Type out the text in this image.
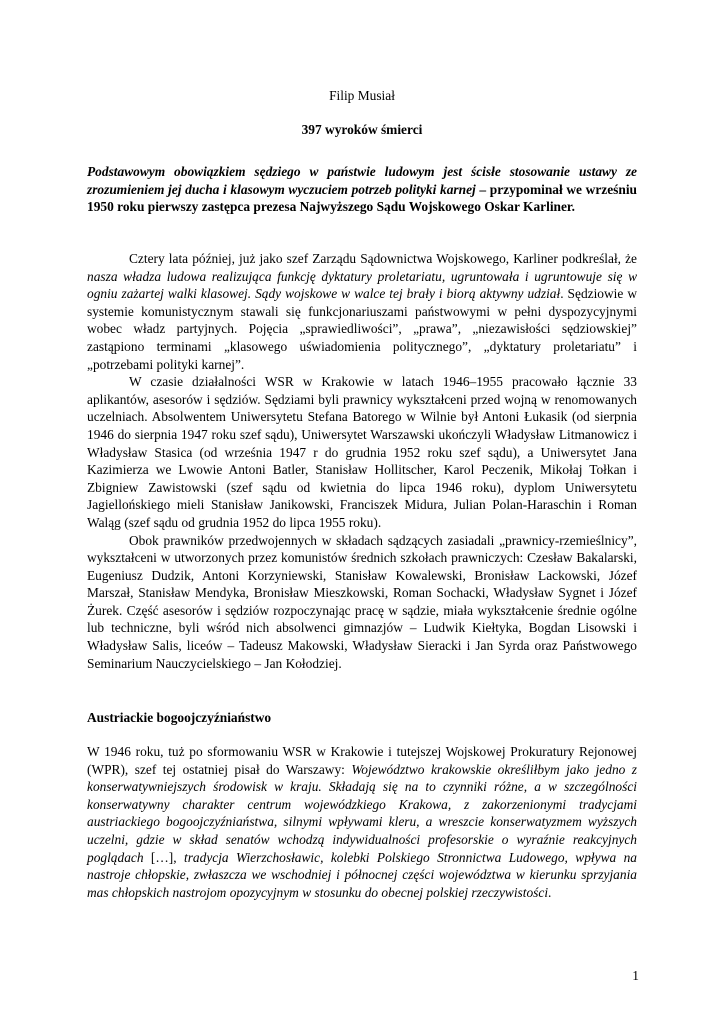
Filip Musiał
397 wyroków śmierci
Podstawowym obowiązkiem sędziego w państwie ludowym jest ścisłe stosowanie ustawy ze zrozumieniem jej ducha i klasowym wyczuciem potrzeb polityki karnej – przypominał we wrześniu 1950 roku pierwszy zastępca prezesa Najwyższego Sądu Wojskowego Oskar Karliner.

Cztery lata później, już jako szef Zarządu Sądownictwa Wojskowego, Karliner podkreślał, że nasza władza ludowa realizująca funkcję dyktatury proletariatu, ugruntowała i ugruntowuje się w ogniu zażartej walki klasowej. Sądy wojskowe w walce tej brały i biorą aktywny udział. Sędziowie w systemie komunistycznym stawali się funkcjonariuszami państwowymi w pełni dyspozycyjnymi wobec władz partyjnych. Pojęcia „sprawiedliwości”, „prawa”, „niezawisłości sędziowskiej” zastąpiono terminami „klasowego uświadomienia politycznego”, „dyktatury proletariatu” i „potrzebami polityki karnej”.

W czasie działalności WSR w Krakowie w latach 1946–1955 pracowało łącznie 33 aplikantów, asesorów i sędziów. Sędziami byli prawnicy wykształceni przed wojną w renomowanych uczelniach. Absolwentem Uniwersytetu Stefana Batorego w Wilnie był Antoni Łukasik (od sierpnia 1946 do sierpnia 1947 roku szef sądu), Uniwersytet Warszawski ukończyli Władysław Litmanowicz i Władysław Stasica (od września 1947 r do grudnia 1952 roku szef sądu), a Uniwersytet Jana Kazimierza we Lwowie Antoni Batler, Stanisław Hollitscher, Karol Peczenik, Mikołaj Tołkan i Zbigniew Zawistowski (szef sądu od kwietnia do lipca 1946 roku), dyplom Uniwersytetu Jagiellońskiego mieli Stanisław Janikowski, Franciszek Midura, Julian Polan-Haraschin i Roman Waląg (szef sądu od grudnia 1952 do lipca 1955 roku).

Obok prawników przedwojennych w składach sądzących zasiadali „prawnicy-rzemieślnicy”, wykształceni w utworzonych przez komunistów średnich szkołach prawniczych: Czesław Bakalarski, Eugeniusz Dudzik, Antoni Korzyniewski, Stanisław Kowalewski, Bronisław Lackowski, Józef Marszał, Stanisław Mendyka, Bronisław Mieszkowski, Roman Sochacki, Władysław Sygnet i Józef Żurek. Część asesorów i sędziów rozpoczynając pracę w sądzie, miała wykształcenie średnie ogólne lub techniczne, byli wśród nich absolwenci gimnazjów – Ludwik Kiełtyka, Bogdan Lisowski i Władysław Salis, liceów – Tadeusz Makowski, Władysław Sieracki i Jan Syrda oraz Państwowego Seminarium Nauczycielskiego – Jan Kołodziej.

Austriackie bogoojczyźniaństwo

W 1946 roku, tuż po sformowaniu WSR w Krakowie i tutejszej Wojskowej Prokuratury Rejonowej (WPR), szef tej ostatniej pisał do Warszawy: Województwo krakowskie określiłbym jako jedno z konserwatywniejszych środowisk w kraju. Składają się na to czynniki różne, a w szczególności konserwatywny charakter centrum wojewódzkiego Krakowa, z zakorzenionymi tradycjami austriackiego bogoojczyźniaństwa, silnymi wpływami kleru, a wreszcie konserwatyzmem wyższych uczelni, gdzie w skład senatów wchodzą indywidualności profesorskie o wyraźnie reakcyjnych poglądach […], tradycja Wierzchosławic, kolebki Polskiego Stronnictwa Ludowego, wpływa na nastroje chłopskie, zwłaszcza we wschodniej i północnej części województwa w kierunku sprzyjania mas chłopskich nastrojom opozycyjnym w stosunku do obecnej polskiej rzeczywistości.

1
